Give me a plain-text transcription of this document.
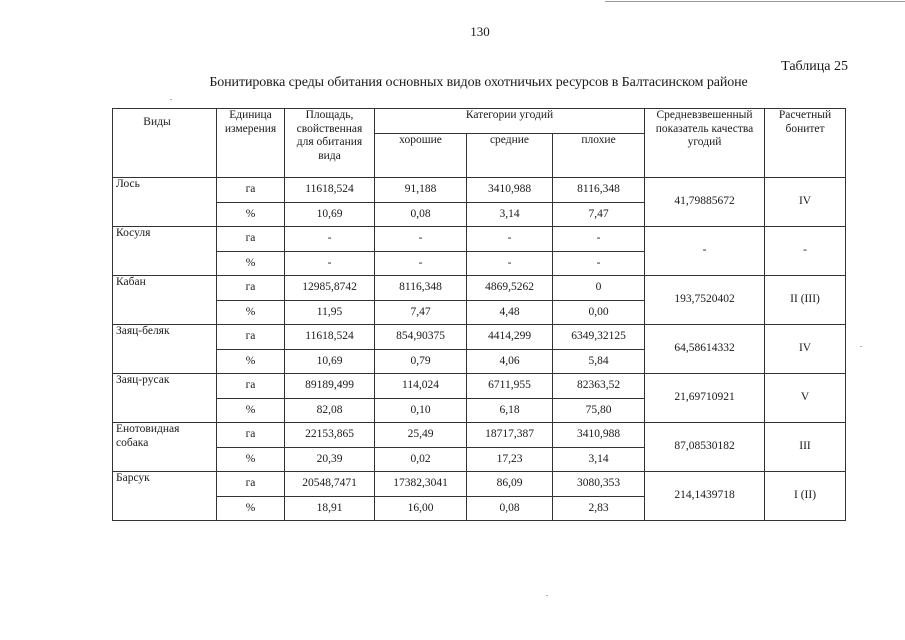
130
Таблица 25
Бонитировка среды обитания основных видов охотничьих ресурсов в Балтасинском районе
Виды	Единица измерения	Площадь, свойственная для обитания вида	Категории угодий			Средневзвешенный показатель качества угодий	Расчетный бонитет
			хорошие	средние	плохие		
Лось	га	11618,524	91,188	3410,988	8116,348	41,79885672	IV
	%	10,69	0,08	3,14	7,47		
Косуля	га	-	-	-	-	-	-
	%	-	-	-	-		
Кабан	га	12985,8742	8116,348	4869,5262	0	193,7520402	II (III)
	%	11,95	7,47	4,48	0,00		
Заяц-беляк	га	11618,524	854,90375	4414,299	6349,32125	64,58614332	IV
	%	10,69	0,79	4,06	5,84		
Заяц-русак	га	89189,499	114,024	6711,955	82363,52	21,69710921	V
	%	82,08	0,10	6,18	75,80		
Енотовидная собака	га	22153,865	25,49	18717,387	3410,988	87,08530182	III
	%	20,39	0,02	17,23	3,14		
Барсук	га	20548,7471	17382,3041	86,09	3080,353	214,1439718	I (II)
	%	18,91	16,00	0,08	2,83		
